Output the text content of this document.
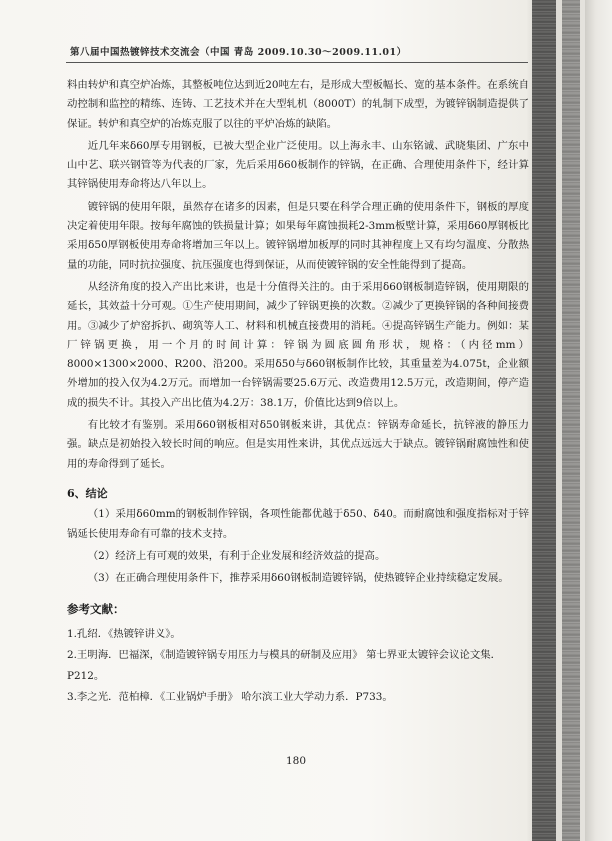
第八届中国热镀锌技术交流会（中国 青岛 2009.10.30～2009.11.01）

料由转炉和真空炉冶炼，其整板吨位达到近20吨左右，是形成大型板幅长、宽的基本条件。在系统自动控制和监控的精练、连铸、工艺技术并在大型轧机（8000T）的轧制下成型，为镀锌锅制造提供了保证。转炉和真空炉的冶炼克服了以往的平炉冶炼的缺陷。

近几年来δ60厚专用钢板，已被大型企业广泛使用。以上海永丰、山东铭诚、武晓集团、广东中山中艺、联兴钢管等为代表的厂家，先后采用δ60板制作的锌锅，在正确、合理使用条件下，经计算其锌锅使用寿命将达八年以上。

镀锌锅的使用年限，虽然存在诸多的因素，但是只要在科学合理正确的使用条件下，钢板的厚度决定着使用年限。按每年腐蚀的铁损量计算；如果每年腐蚀损耗2-3mm板壁计算，采用δ60厚钢板比采用δ50厚钢板使用寿命将增加三年以上。镀锌锅增加板厚的同时其神程度上又有均匀温度、分散热量的功能，同时抗拉强度、抗压强度也得到保证，从而使镀锌锅的安全性能得到了提高。

从经济角度的投入产出比来讲，也是十分值得关注的。由于采用δ60钢板制造锌锅，使用期限的延长，其效益十分可观。①生产使用期间，减少了锌锅更换的次数。②减少了更换锌锅的各种间接费用。③减少了炉窑拆扒、砌筑等人工、材料和机械直接费用的消耗。④提高锌锅生产能力。例如：某厂锌锅更换，用一个月的时间计算：锌锅为圆底圆角形状，规格：（内径mm）8000×1300×2000、R200、沿200。采用δ50与δ60钢板制作比较，其重量差为4.075t，企业额外增加的投入仅为4.2万元。而增加一台锌锅需要25.6万元、改造费用12.5万元，改造期间，停产造成的损失不计。其投入产出比值为4.2万：38.1万，价值比达到9倍以上。

有比较才有鉴别。采用δ60钢板相对δ50钢板来讲，其优点：锌锅寿命延长，抗锌液的静压力强。缺点是初始投入较长时间的响应。但是实用性来讲，其优点远远大于缺点。镀锌锅耐腐蚀性和使用的寿命得到了延长。

6、结论

（1）采用δ60mm的钢板制作锌锅，各项性能都优越于δ50、δ40。而耐腐蚀和强度指标对于锌锅延长使用寿命有可靠的技术支持。

（2）经济上有可观的效果，有利于企业发展和经济效益的提高。

（3）在正确合理使用条件下，推荐采用δ60钢板制造镀锌锅，使热镀锌企业持续稳定发展。

参考文献：

1.孔绍．《热镀锌讲义》。

2.王明海．巴福深，《制造镀锌锅专用压力与模具的研制及应用》 第七界亚太镀锌会议论文集．P212。

3.李之光．范柏樟．《工业锅炉手册》 哈尔滨工业大学动力系．P733。

180
